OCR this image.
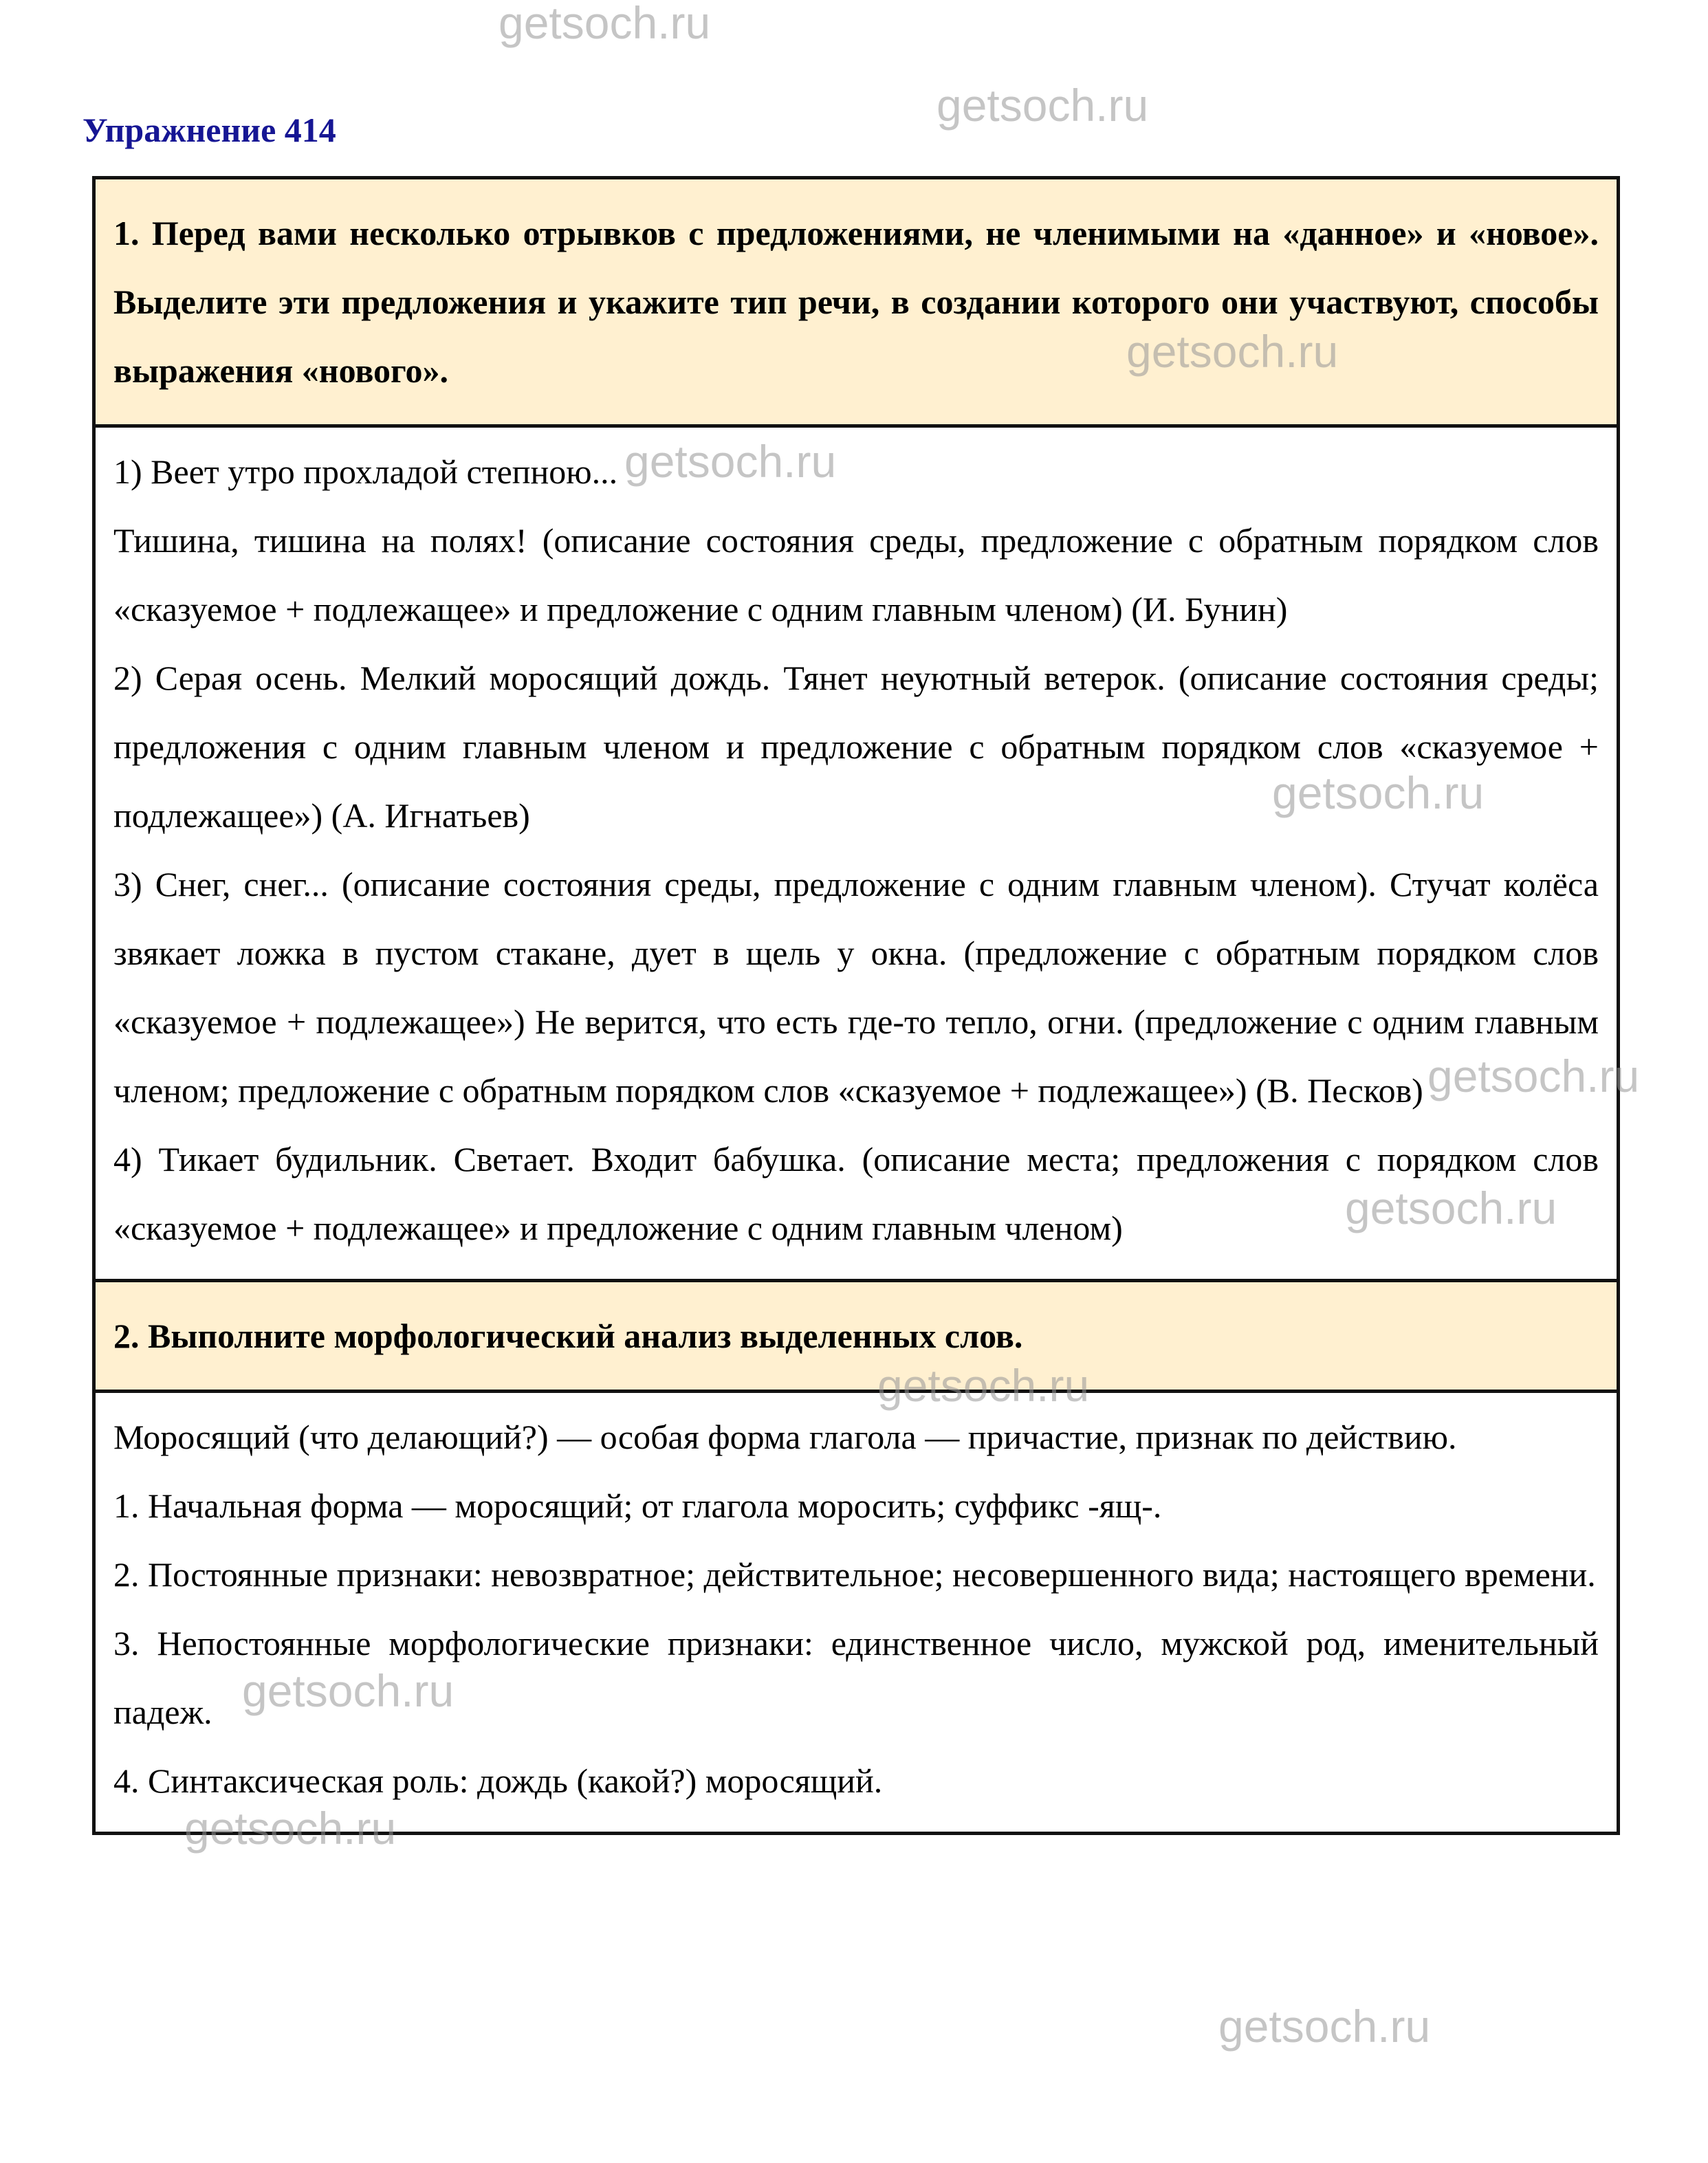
Упражнение 414

1. Перед вами несколько отрывков с предложениями, не членимыми на «данное» и «новое». Выделите эти предложения и укажите тип речи, в создании которого они участвуют, способы выражения «нового».

1) Веет утро прохладой степною...

Тишина, тишина на полях! (описание состояния среды, предложение с обратным порядком слов «сказуемое + подлежащее» и предложение с одним главным членом) (И. Бунин)

2) Серая осень. Мелкий моросящий дождь. Тянет неуютный ветерок. (описание состояния среды; предложения с одним главным членом и предложение с обратным порядком слов «сказуемое + подлежащее») (А. Игнатьев)

3) Снег, снег... (описание состояния среды, предложение с одним главным членом). Стучат колёса звякает ложка в пустом стакане, дует в щель у окна. (предложение с обратным порядком слов «сказуемое + подлежащее») Не верится, что есть где-то тепло, огни. (предложение с одним главным членом; предложение с обратным порядком слов «сказуемое + подлежащее») (В. Песков)

4) Тикает будильник. Светает. Входит бабушка. (описание места; предложения с порядком слов «сказуемое + подлежащее» и предложение с одним главным членом)

2. Выполните морфологический анализ выделенных слов.

Моросящий (что делающий?) — особая форма глагола — причастие, признак по действию.

1. Начальная форма — моросящий; от глагола моросить; суффикс -ящ-.

2. Постоянные признаки: невозвратное; действительное; несовершенного вида; настоящего времени.

3. Непостоянные морфологические признаки: единственное число, мужской род, именительный падеж.

4. Синтаксическая роль: дождь (какой?) моросящий.

getsoch.ru
getsoch.ru
getsoch.ru
getsoch.ru
getsoch.ru
getsoch.ru
getsoch.ru
getsoch.ru
getsoch.ru
getsoch.ru
getsoch.ru
